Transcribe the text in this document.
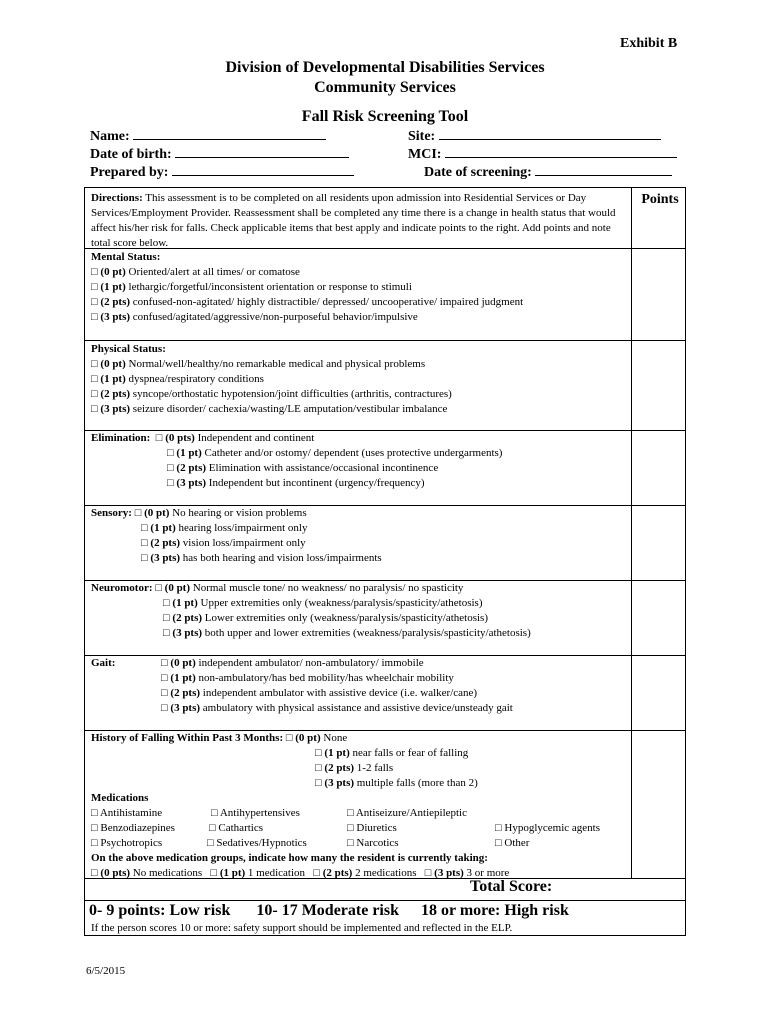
Exhibit B
Division of Developmental Disabilities Services
Community Services
Fall Risk Screening Tool
Name:
Date of birth:
Prepared by:
Site:
MCI:
Date of screening:
Points
Directions: This assessment is to be completed on all residents upon admission into Residential Services or Day Services/Employment Provider. Reassessment shall be completed any time there is a change in health status that would affect his/her risk for falls. Check applicable items that best apply and indicate points to the right. Add points and note total score below.
Mental Status:
□ (0 pt) Oriented/alert at all times/ or comatose
□ (1 pt) lethargic/forgetful/inconsistent orientation or response to stimuli
□ (2 pts) confused-non-agitated/ highly distractible/ depressed/ uncooperative/ impaired judgment
□ (3 pts) confused/agitated/aggressive/non-purposeful behavior/impulsive
Physical Status:
□ (0 pt) Normal/well/healthy/no remarkable medical and physical problems
□ (1 pt) dyspnea/respiratory conditions
□ (2 pts) syncope/orthostatic hypotension/joint difficulties (arthritis, contractures)
□ (3 pts) seizure disorder/ cachexia/wasting/LE amputation/vestibular imbalance
Elimination: □ (0 pts) Independent and continent
□ (1 pt) Catheter and/or ostomy/ dependent (uses protective undergarments)
□ (2 pts) Elimination with assistance/occasional incontinence
□ (3 pts) Independent but incontinent (urgency/frequency)
Sensory: □ (0 pt) No hearing or vision problems
□ (1 pt) hearing loss/impairment only
□ (2 pts) vision loss/impairment only
□ (3 pts) has both hearing and vision loss/impairments
Neuromotor: □ (0 pt) Normal muscle tone/ no weakness/ no paralysis/ no spasticity
□ (1 pt) Upper extremities only (weakness/paralysis/spasticity/athetosis)
□ (2 pts) Lower extremities only (weakness/paralysis/spasticity/athetosis)
□ (3 pts) both upper and lower extremities (weakness/paralysis/spasticity/athetosis)
Gait:	□ (0 pt) independent ambulator/ non-ambulatory/ immobile
□ (1 pt) non-ambulatory/has bed mobility/has wheelchair mobility
□ (2 pts) independent ambulator with assistive device (i.e. walker/cane)
□ (3 pts) ambulatory with physical assistance and assistive device/unsteady gait
History of Falling Within Past 3 Months: □ (0 pt) None
□ (1 pt) near falls or fear of falling
□ (2 pts) 1-2 falls
□ (3 pts) multiple falls (more than 2)
Medications
□ Antihistamine	□ Antihypertensives	□ Antiseizure/Antiepileptic
□ Benzodiazepines	□ Cathartics	□ Diuretics	□ Hypoglycemic agents
□ Psychotropics	□ Sedatives/Hypnotics	□ Narcotics	□ Other
On the above medication groups, indicate how many the resident is currently taking:
□ (0 pts) No medications □ (1 pt) 1 medication □ (2 pts) 2 medications □ (3 pts) 3 or more
Total Score:
0- 9 points: Low risk 10- 17 Moderate risk 18 or more: High risk
If the person scores 10 or more: safety support should be implemented and reflected in the ELP.
6/5/2015
